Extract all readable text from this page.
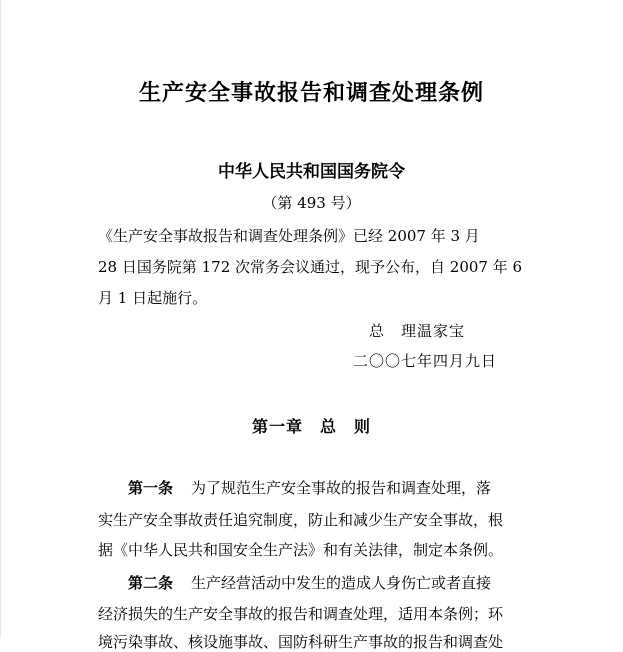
生产安全事故报告和调查处理条例
中华人民共和国国务院令
（第 493 号）
《生产安全事故报告和调查处理条例》已经 2007 年 3 月
28 日国务院第 172 次常务会议通过，现予公布，自 2007 年 6
月 1 日起施行。
总　理温家宝
二〇〇七年四月九日
第一章　总　则
第一条 为了规范生产安全事故的报告和调查处理，落
实生产安全事故责任追究制度，防止和减少生产安全事故，根
据《中华人民共和国安全生产法》和有关法律，制定本条例。
第二条 生产经营活动中发生的造成人身伤亡或者直接
经济损失的生产安全事故的报告和调查处理，适用本条例；环
境污染事故、核设施事故、国防科研生产事故的报告和调查处
